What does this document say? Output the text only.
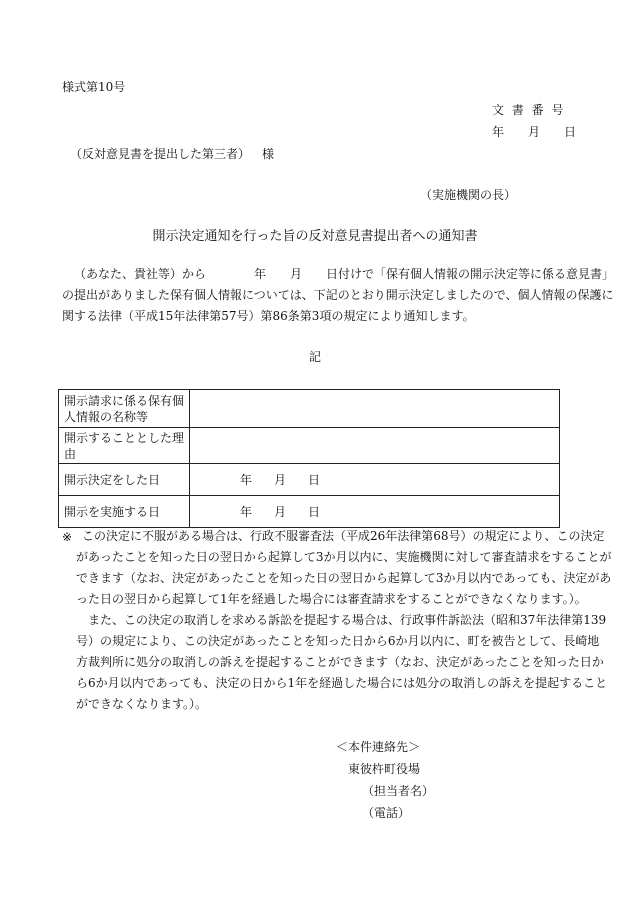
様式第10号
文 書 番 号
年　　月　　日
（反対意見書を提出した第三者） 様
（実施機関の長）
開示決定通知を行った旨の反対意見書提出者への通知書
（あなた、貴社等）から　　　　年　　月　　日付けで「保有個人情報の開示決定等に係る意見書」
の提出がありました保有個人情報については、下記のとおり開示決定しましたので、個人情報の保護に
関する法律（平成15年法律第57号）第86条第3項の規定により通知します。
記
開示請求に係る保有個人情報の名称等	
開示することとした理由	
開示決定をした日	年 月 日

開示を実施する日	年 月 日
※ この決定に不服がある場合は、行政不服審査法（平成26年法律第68号）の規定により、この決定
があったことを知った日の翌日から起算して3か月以内に、実施機関に対して審査請求をすることが
できます（なお、決定があったことを知った日の翌日から起算して3か月以内であっても、決定があ
った日の翌日から起算して1年を経過した場合には審査請求をすることができなくなります。）。
　また、この決定の取消しを求める訴訟を提起する場合は、行政事件訴訟法（昭和37年法律第139
号）の規定により、この決定があったことを知った日から6か月以内に、町を被告として、長崎地
方裁判所に処分の取消しの訴えを提起することができます（なお、決定があったことを知った日か
ら6か月以内であっても、決定の日から1年を経過した場合には処分の取消しの訴えを提起すること
ができなくなります。）。
＜本件連絡先＞
東彼杵町役場
（担当者名）
（電話）
